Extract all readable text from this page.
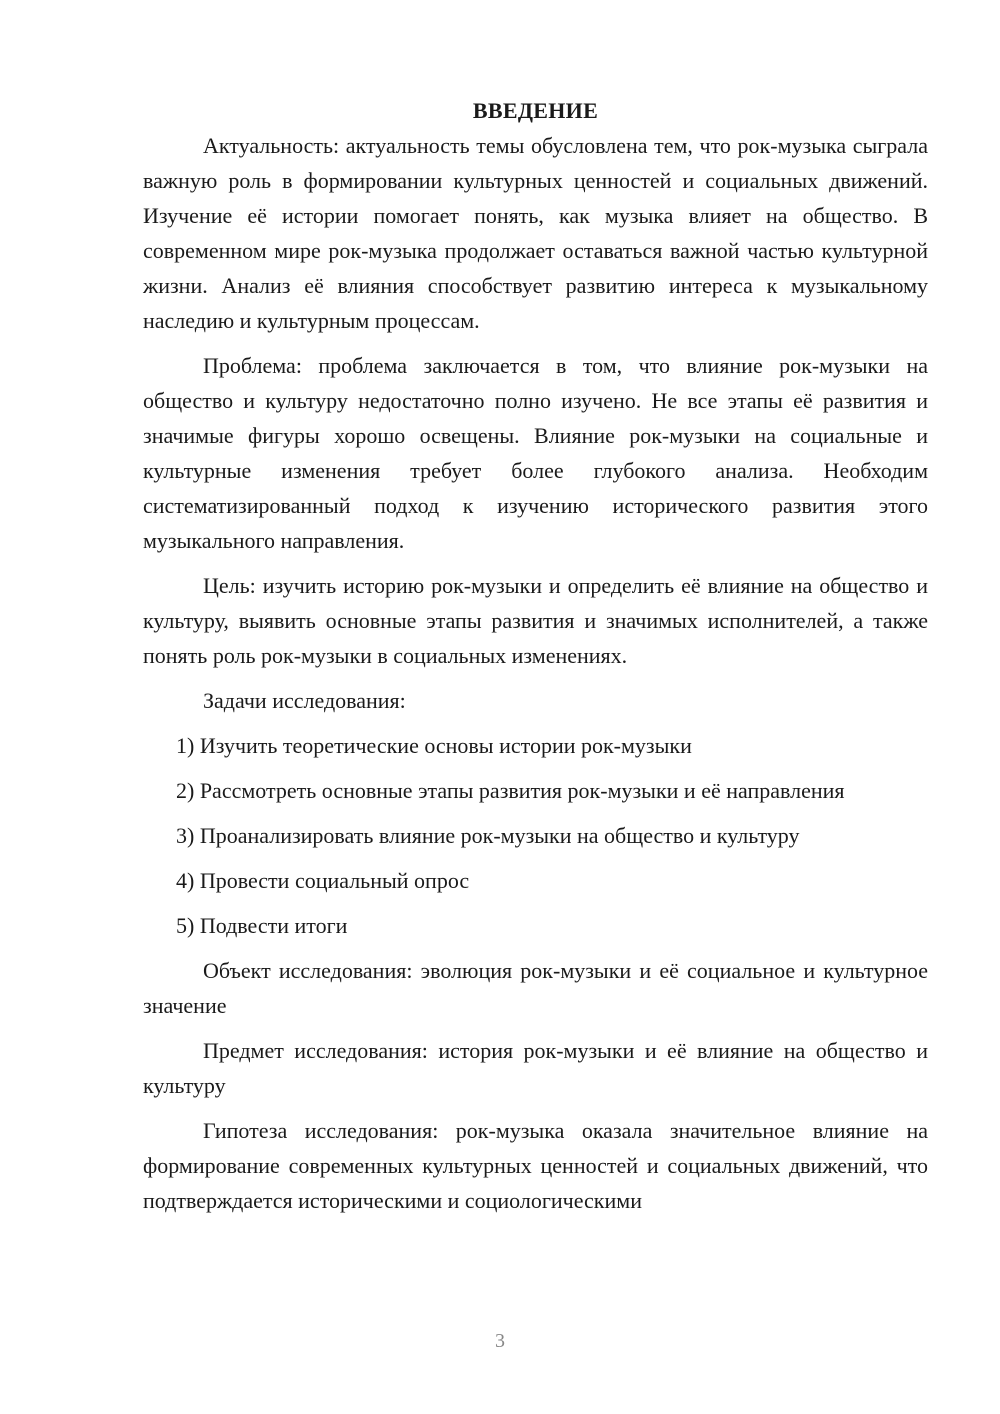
ВВЕДЕНИЕ

Актуальность: актуальность темы обусловлена тем, что рок-музыка сыграла важную роль в формировании культурных ценностей и социальных движений. Изучение её истории помогает понять, как музыка влияет на общество. В современном мире рок-музыка продолжает оставаться важной частью культурной жизни. Анализ её влияния способствует развитию интереса к музыкальному наследию и культурным процессам.

Проблема: проблема заключается в том, что влияние рок-музыки на общество и культуру недостаточно полно изучено. Не все этапы её развития и значимые фигуры хорошо освещены. Влияние рок-музыки на социальные и культурные изменения требует более глубокого анализа. Необходим систематизированный подход к изучению исторического развития этого музыкального направления.

Цель: изучить историю рок-музыки и определить её влияние на общество и культуру, выявить основные этапы развития и значимых исполнителей, а также понять роль рок-музыки в социальных изменениях.

Задачи исследования:

1) Изучить теоретические основы истории рок-музыки
2) Рассмотреть основные этапы развития рок-музыки и её направления
3) Проанализировать влияние рок-музыки на общество и культуру
4) Провести социальный опрос
5) Подвести итоги

Объект исследования: эволюция рок-музыки и её социальное и культурное значение

Предмет исследования: история рок-музыки и её влияние на общество и культуру

Гипотеза исследования: рок-музыка оказала значительное влияние на формирование современных культурных ценностей и социальных движений, что подтверждается историческими и социологическими

3
